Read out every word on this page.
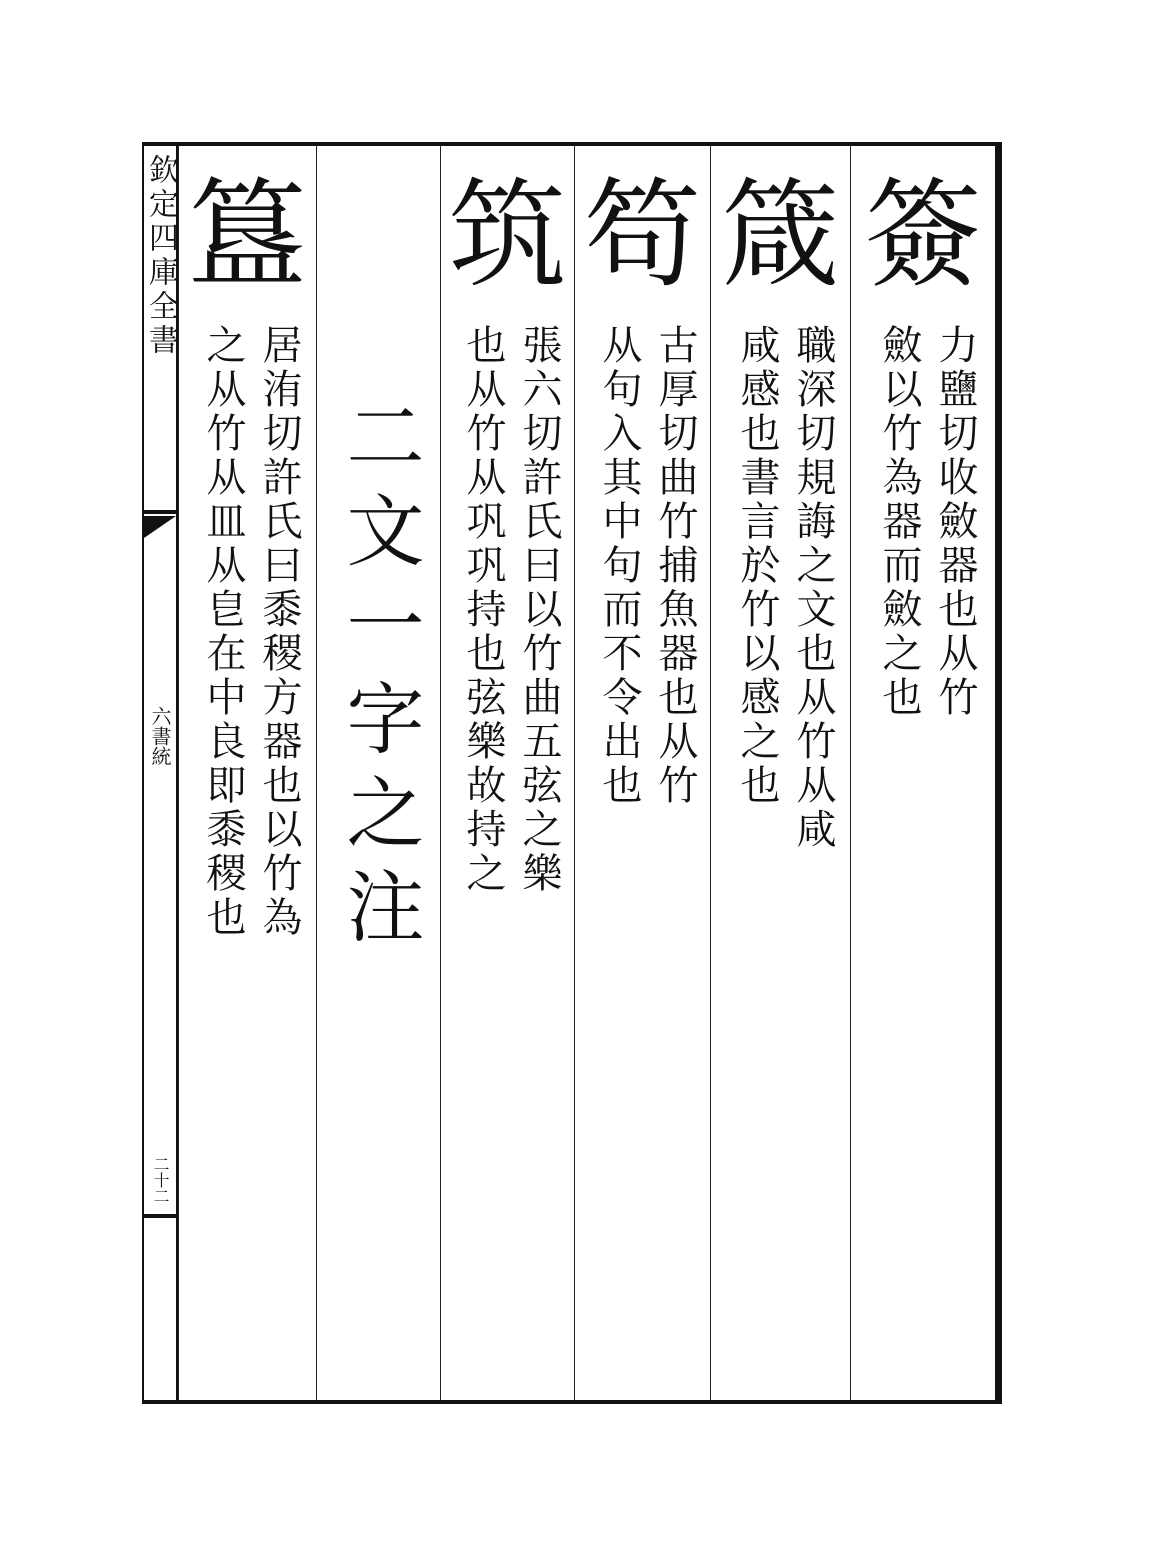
欽定四庫全書
六書統
二十二
簽
力鹽切收斂器也从竹
斂以竹為器而斂之也
箴
職深切規誨之文也从竹从咸
咸感也書言於竹以感之也
笱
古厚切曲竹捕魚器也从竹
从句入其中句而不令出也
筑
張六切許氏曰以竹曲五弦之樂
也从竹从巩巩持也弦樂故持之
二文一字之注
簋
居洧切許氏曰黍稷方器也以竹為
之从竹从皿从皀在中良即黍稷也
